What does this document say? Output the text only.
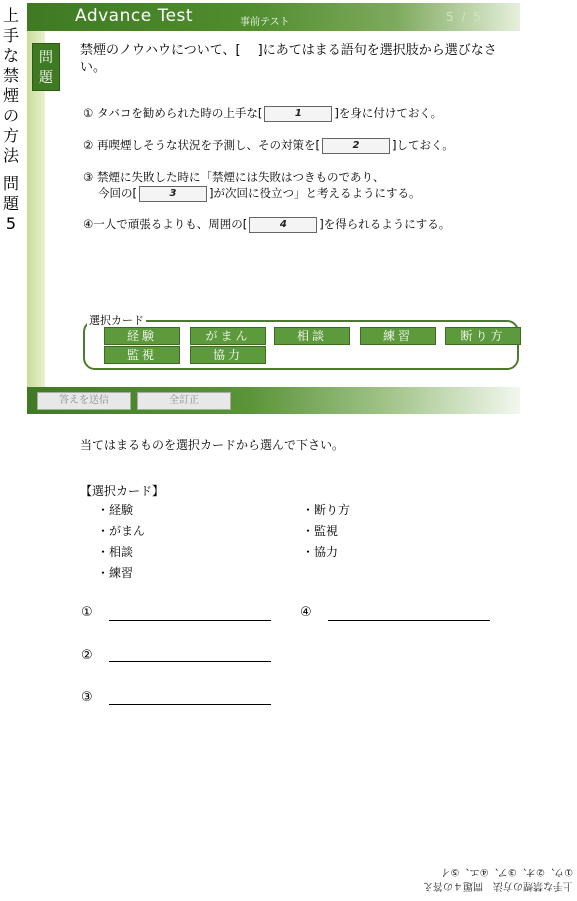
上
手
な
禁
煙
の
方
法
問
題
5
Advance Test	事前テスト	5 / 5
問
題
禁煙のノウハウについて、[　 ]にあてはまる語句を選択肢から選びなさい。
① タバコを勧められた時の上手な[	1	]を身に付けておく。
② 再喫煙しそうな状況を予測し、その対策を[	2	]しておく。
③ 禁煙に失敗した時に「禁煙には失敗はつきものであり、
今回の[	3	]が次回に役立つ」と考えるようにする。
④一人で頑張るよりも、周囲の[	4	]を得られるようにする。
選択カード
経験	がまん	相談	練習	断り方
監視	協力
答えを送信	全訂正
当てはまるものを選択カードから選んで下さい。
【選択カード】
・経験
・がまん
・相談
・練習
・断り方
・監視
・協力
①	④
②
③
上手な禁煙の方法　問題４の答え
①ウ、②オ、③ア、④エ、⑤イ
